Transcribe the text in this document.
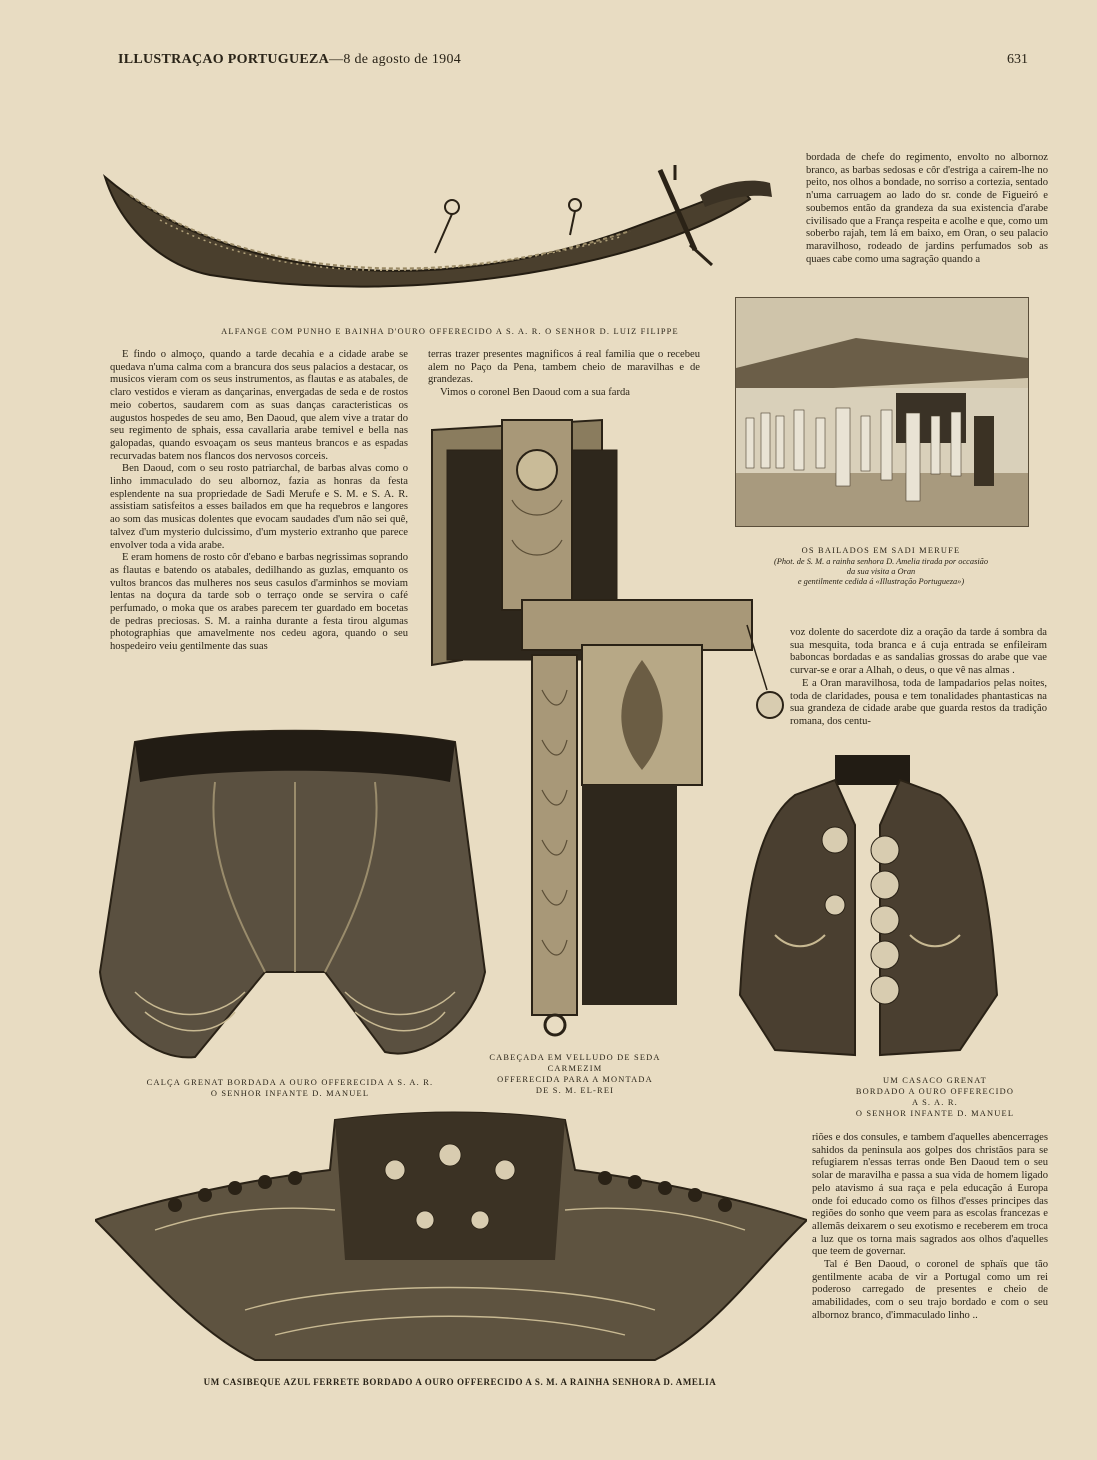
ILLUSTRAÇAO PORTUGUEZA—8 de agosto de 1904	631
ALFANGE COM PUNHO E BAINHA D'OURO OFFERECIDO A S. A. R. O SENHOR D. LUIZ FILIPPE

bordada de chefe do regimento, envolto no albornoz branco, as barbas sedosas e côr d'estriga a cairem-lhe no peito, nos olhos a bondade, no sorriso a cortezia, sentado n'uma carruagem ao lado do sr. conde de Figueiró e soubemos então da grandeza da sua existencia d'arabe civilisado que a França respeita e acolhe e que, como um soberbo rajah, tem lá em baixo, em Oran, o seu palacio maravilhoso, rodeado de jardins perfumados sob as quaes cabe como uma sagração quando a

OS BAILADOS EM SADI MERUFE
(Phot. de S. M. a rainha senhora D. Amelia tirada por occasião
da sua visita a Oran
e gentilmente cedida á «Illustração Portugueza»)

E findo o almoço, quando a tarde decahia e a cidade arabe se quedava n'uma calma com a brancura dos seus palacios a destacar, os musicos vieram com os seus instrumentos, as flautas e as atabales, de claro vestidos e vieram as dançarinas, envergadas de seda e de rostos meio cobertos, saudarem com as suas danças caracteristicas os augustos hospedes de seu amo, Ben Daoud, que alem vive a tratar do seu regimento de sphais, essa cavallaria arabe temivel e bella nas galopadas, quando esvoaçam os seus manteus brancos e as espadas recurvadas batem nos flancos dos nervosos corceis.

Ben Daoud, com o seu rosto patriarchal, de barbas alvas como o linho immaculado do seu albornoz, fazia as honras da festa esplendente na sua propriedade de Sadi Merufe e S. M. e S. A. R. assistiam satisfeitos a esses bailados em que ha requebros e langores ao som das musicas dolentes que evocam saudades d'um não sei quê, talvez d'um mysterio dulcissimo, d'um mysterio extranho que parece envolver toda a vida arabe.

E eram homens de rosto côr d'ebano e barbas negrissimas soprando as flautas e batendo os atabales, dedilhando as guzlas, emquanto os vultos brancos das mulheres nos seus casulos d'arminhos se moviam lentas na doçura da tarde sob o terraço onde se servira o café perfumado, o moka que os arabes parecem ter guardado em bocetas de pedras preciosas. S. M. a rainha durante a festa tirou algumas photographias que amavelmente nos cedeu agora, quando o seu hospedeiro veiu gentilmente das suas

terras trazer presentes magnificos á real familia que o recebeu alem no Paço da Pena, tambem cheio de maravilhas e de grandezas.

Vimos o coronel Ben Daoud com a sua farda

CABEÇADA EM VELLUDO DE SEDA
CARMEZIM
OFFERECIDA PARA A MONTADA
DE S. M. EL-REI

voz dolente do sacerdote diz a oração da tarde á sombra da sua mesquita, toda branca e á cuja entrada se enfileiram baboncas bordadas e as sandalias grossas do arabe que vae curvar-se e orar a Alhah, o deus, o que vê nas almas .

E a Oran maravilhosa, toda de lampadarios pelas noites, toda de claridades, pousa e tem tonalidades phantasticas na sua grandeza de cidade arabe que guarda restos da tradição romana, dos centu-

CALÇA GRENAT BORDADA A OURO OFFERECIDA A S. A. R.
O SENHOR INFANTE D. MANUEL
UM CASACO GRENAT
BORDADO A OURO OFFERECIDO
A S. A. R.
O SENHOR INFANTE D. MANUEL

riões e dos consules, e tambem d'aquelles abencerrages sahidos da peninsula aos golpes dos christãos para se refugiarem n'essas terras onde Ben Daoud tem o seu solar de maravilha e passa a sua vida de homem ligado pelo atavismo á sua raça e pela educação á Europa onde foi educado como os filhos d'esses principes das regiões do sonho que veem para as escolas francezas e allemãs deixarem o seu exotismo e receberem em troca a luz que os torna mais sagrados aos olhos d'aquelles que teem de governar.

Tal é Ben Daoud, o coronel de sphaïs que tão gentilmente acaba de vir a Portugal como um rei poderoso carregado de presentes e cheio de amabilidades, com o seu trajo bordado e com o seu albornoz branco, d'immaculado linho ..

UM CASIBEQUE AZUL FERRETE BORDADO A OURO OFFERECIDO A S. M. A RAINHA SENHORA D. AMELIA
